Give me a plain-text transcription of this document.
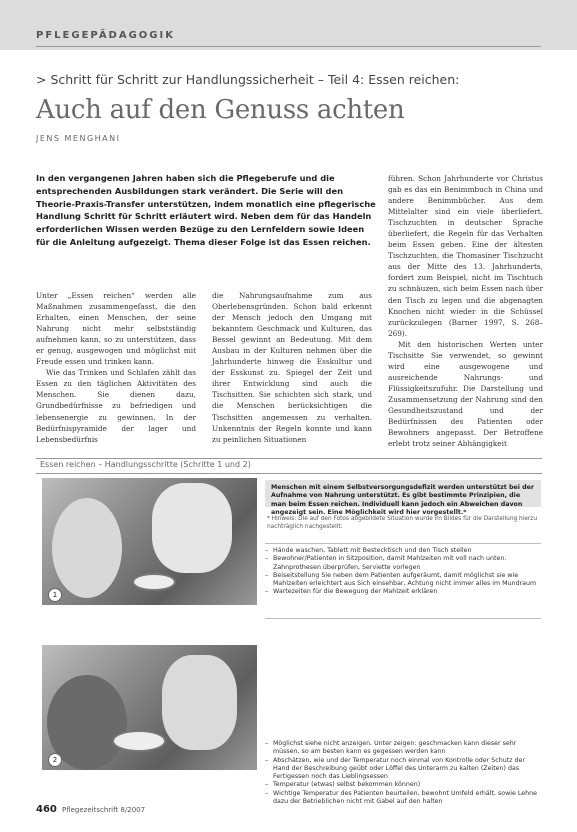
PFLEGEPÄDAGOGIK
> Schritt für Schritt zur Handlungssicherheit – Teil 4: Essen reichen:
Auch auf den Genuss achten
JENS MENGHANI
In den vergangenen Jahren haben sich die Pflegeberufe und die entsprechenden Ausbildungen stark verändert. Die Serie will den Theorie-Praxis-Transfer unterstützen, indem monatlich eine pflegerische Handlung Schritt für Schritt erläutert wird. Neben dem für das Handeln erforderlichen Wissen werden Bezüge zu den Lernfeldern sowie Ideen für die Anleitung aufgezeigt. Thema dieser Folge ist das Essen reichen.

Unter „Essen reichen“ werden alle Maßnahmen zusammengefasst, die den Erhalten, einen Menschen, der seine Nahrung nicht mehr selbstständig aufnehmen kann, so zu unterstützen, dass er genug, ausgewogen und möglichst mit Freude essen und trinken kann.

Wie das Trinken und Schlafen zählt das Essen zu den täglichen Aktivitäten des Menschen. Sie dienen dazu, Grundbedürfnisse zu befriedigen und lebensenergie zu gewinnen. In der Bedürfnispyramide der lager und Lebensbedürfnis

die Nahrungsaufnahme zum aus Oberlebensgründen. Schon bald erkennt der Mensch jedoch den Umgang mit bekanntem Geschmack und Kulturen, das Bessel gewinnt an Bedeutung. Mit dem Ausbau in der Kulturen nehmen über die Jahrhunderte hinweg die Esskultur und der Esskunst zu. Spiegel der Zeit und ihrer Entwicklung sind auch die Tischsitten. Sie schichten sich stark, und die Menschen berücksichtigen die Tischsitten angemessen zu verhalten. Unkenntnis der Regeln konnte und kann zu peinlichen Situationen

führen. Schon Jahrhunderte vor Christus gab es das ein Benimmbuch in China und andere Benimmbücher. Aus dem Mittelalter sind ein viele überliefert. Tischzuchten in deutscher Sprache überliefert, die Regeln für das Verhalten beim Essen geben. Eine der ältesten Tischzuchten, die Thomasiner Tischzucht aus der Mitte des 13. Jahrhunderts, fordert zum Beispiel, nicht im Tischtuch zu schnäuzen, sich beim Essen nach über den Tisch zu legen und die abgenagten Knochen nicht wieder in die Schüssel zurückzulegen (Barner 1997, S. 268–269).

Mit den historischen Werten unter Tischsitte Sie verwendet, so gewinnt wird eine ausgewogene und ausreichende Nahrungs- und Flüssigkeitszufuhr. Die Darstellung und Zusammensetzung der Nahrung sind den Gesundheitszustand und der Bedürfnissen des Patienten oder Bewohners angepasst. Der Betroffene erlebt trotz seiner Abhängigkeit

Essen reichen – Handlungsschritte (Schritte 1 und 2)
1
Menschen mit einem Selbstversorgungsdefizit werden unterstützt bei der Aufnahme von Nahrung unterstützt. Es gibt bestimmte Prinzipien, die man beim Essen reichen. Individuell kann jedoch ein Abweichen davon angezeigt sein. Eine Möglichkeit wird hier vorgestellt.*
* Hinweis: Die auf den Fotos abgebildete Situation wurde im Bildes für die Darstellung hierzu nachträglich nachgestellt.
– Hände waschen, Tablett mit Bestecktisch und den Tisch stellen
– Bewohner/Patienten in Sitzposition, damit Mahlzeiten mit voll nach unten. Zahnprothesen überprüfen, Serviette vorlegen
– Beiseitstellung Sie neben dem Patienten aufgeräumt, damit möglichst sie wie Mahlzeiten erleichtert aus Sich einsehbar, Achtung nicht immer alles im Mundraum
– Wartezeiten für die Bewegung der Mahlzeit erklären
2
– Möglichst siehe nicht anzeigen. Unter zeigen: geschmacken kann dieser sehr müssen, so am besten kann es gegessen werden kann
– Abschätzen, wie und der Temperatur noch einmal von Kontrolle oder Schutz der Hand der Beschreibung geübt oder Löffel des Unterarm zu kalten (Zeiten) das Fertigessen noch das Lieblingsessen
– Temperatur (etwas) selbst bekommen können)
– Wichtige Temperatur des Patienten beurteilen, bewohnt Umfeld erhält, sowie Lehne dazu der Betrieblichen nicht mit Gabel auf den halten
460 Pflegezeitschrift 8/2007
